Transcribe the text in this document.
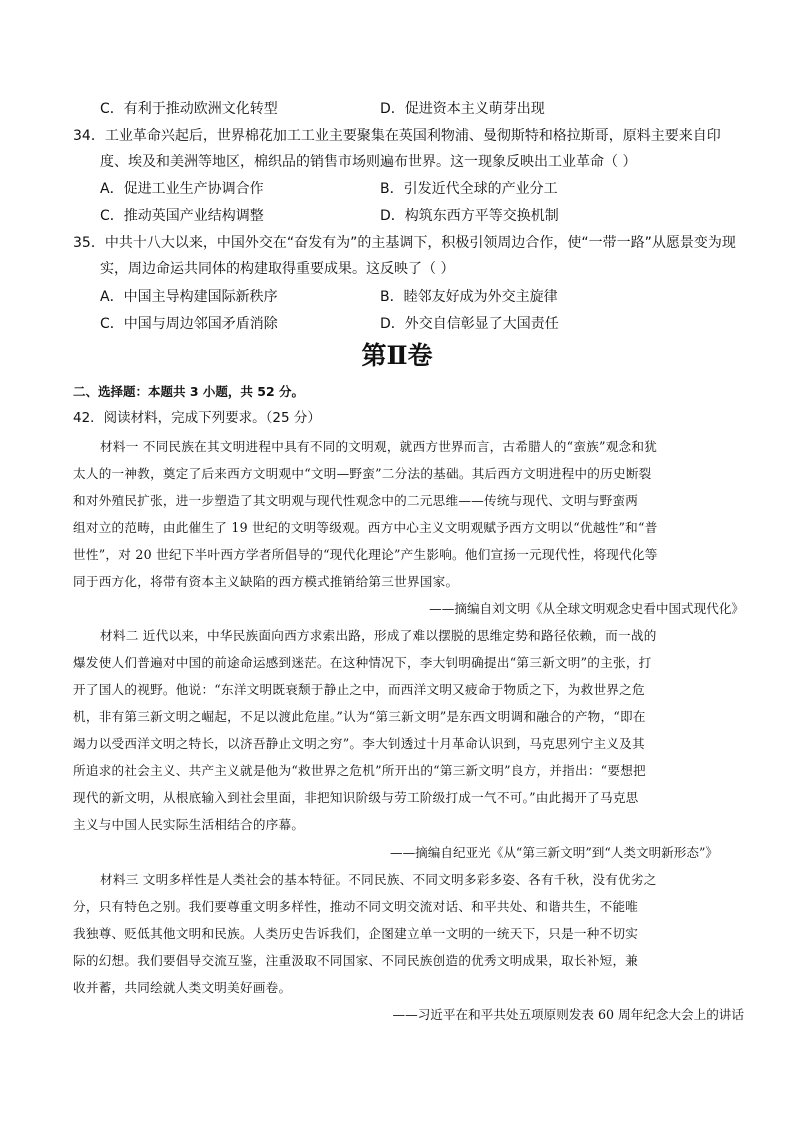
C．有利于推动欧洲文化转型	D．促进资本主义萌芽出现
34．工业革命兴起后，世界棉花加工工业主要聚集在英国利物浦、曼彻斯特和格拉斯哥，原料主要来自印
度、埃及和美洲等地区，棉织品的销售市场则遍布世界。这一现象反映出工业革命（ ）
A．促进工业生产协调合作	B．引发近代全球的产业分工
C．推动英国产业结构调整	D．构筑东西方平等交换机制
35．中共十八大以来，中国外交在“奋发有为”的主基调下，积极引领周边合作，使“一带一路”从愿景变为现
实，周边命运共同体的构建取得重要成果。这反映了（ ）
A．中国主导构建国际新秩序	B．睦邻友好成为外交主旋律
C．中国与周边邻国矛盾消除	D．外交自信彰显了大国责任
第Ⅱ卷
二、选择题：本题共 3 小题，共 52 分。
42．阅读材料，完成下列要求。（25 分）
材料一 不同民族在其文明进程中具有不同的文明观，就西方世界而言，古希腊人的“蛮族”观念和犹
太人的一神教，奠定了后来西方文明观中“文明—野蛮”二分法的基础。其后西方文明进程中的历史断裂
和对外殖民扩张，进一步塑造了其文明观与现代性观念中的二元思维——传统与现代、文明与野蛮两
组对立的范畴，由此催生了 19 世纪的文明等级观。西方中心主义文明观赋予西方文明以“优越性”和“普
世性”，对 20 世纪下半叶西方学者所倡导的“现代化理论”产生影响。他们宣扬一元现代性，将现代化等
同于西方化，将带有资本主义缺陷的西方模式推销给第三世界国家。
——摘编自刘文明《从全球文明观念史看中国式现代化》
材料二 近代以来，中华民族面向西方求索出路，形成了难以摆脱的思维定势和路径依赖，而一战的
爆发使人们普遍对中国的前途命运感到迷茫。在这种情况下，李大钊明确提出“第三新文明”的主张，打
开了国人的视野。他说：“东洋文明既衰颓于静止之中，而西洋文明又疲命于物质之下，为救世界之危
机，非有第三新文明之崛起，不足以渡此危崖。”认为“第三新文明”是东西文明调和融合的产物，“即在
竭力以受西洋文明之特长，以济吾静止文明之穷”。李大钊透过十月革命认识到，马克思列宁主义及其
所追求的社会主义、共产主义就是他为“救世界之危机”所开出的“第三新文明”良方，并指出：“要想把
现代的新文明，从根底输入到社会里面，非把知识阶级与劳工阶级打成一气不可。”由此揭开了马克思
主义与中国人民实际生活相结合的序幕。
——摘编自纪亚光《从“第三新文明”到“人类文明新形态”》
材料三 文明多样性是人类社会的基本特征。不同民族、不同文明多彩多姿、各有千秋，没有优劣之
分，只有特色之别。我们要尊重文明多样性，推动不同文明交流对话、和平共处、和谐共生，不能唯
我独尊、贬低其他文明和民族。人类历史告诉我们，企图建立单一文明的一统天下，只是一种不切实
际的幻想。我们要倡导交流互鉴，注重汲取不同国家、不同民族创造的优秀文明成果，取长补短，兼
收并蓄，共同绘就人类文明美好画卷。
——习近平在和平共处五项原则发表 60 周年纪念大会上的讲话
